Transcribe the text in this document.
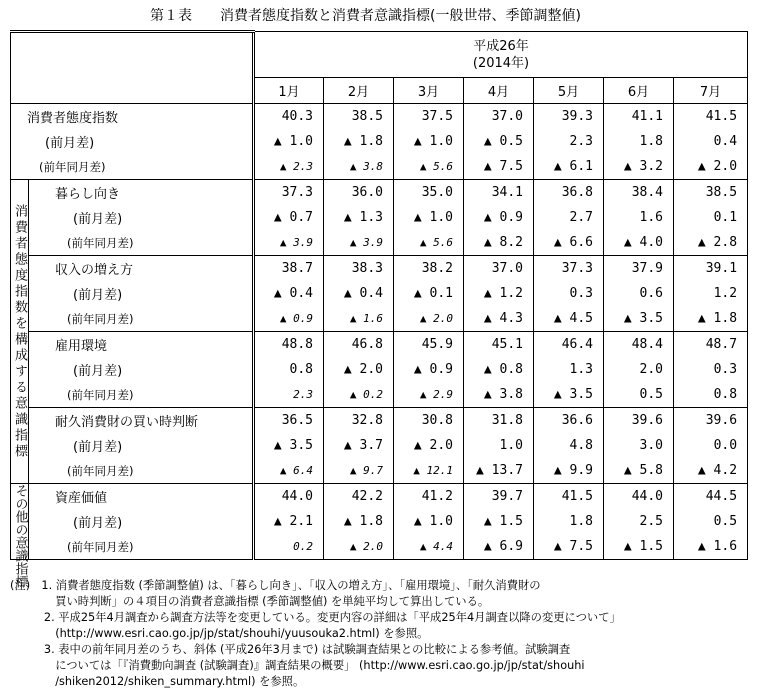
第１表　　消費者態度指数と消費者意識指標(一般世帯、季節調整値)

		平成26年
(2014年)						

		1月	2月	3月	4月	5月	6月	7月
消費者態度指数		40.3	38.5	37.5	37.0	39.3	41.1	41.5
(前月差)		▲ 1.0	▲ 1.8	▲ 1.0	▲ 0.5	2.3	1.8	0.4
(前年同月差)		▲ 2.3	▲ 3.8	▲ 5.6	▲ 7.5	▲ 6.1	▲ 3.2	▲ 2.0
消費者態度指数を構成する意識指標	暮らし向き	37.3	36.0	35.0	34.1	36.8	38.4	38.5
	(前月差)	▲ 0.7	▲ 1.3	▲ 1.0	▲ 0.9	2.7	1.6	0.1
	(前年同月差)	▲ 3.9	▲ 3.9	▲ 5.6	▲ 8.2	▲ 6.6	▲ 4.0	▲ 2.8
	収入の増え方	38.7	38.3	38.2	37.0	37.3	37.9	39.1
	(前月差)	▲ 0.4	▲ 0.4	▲ 0.1	▲ 1.2	0.3	0.6	1.2
	(前年同月差)	▲ 0.9	▲ 1.6	▲ 2.0	▲ 4.3	▲ 4.5	▲ 3.5	▲ 1.8
	雇用環境	48.8	46.8	45.9	45.1	46.4	48.4	48.7
	(前月差)	0.8	▲ 2.0	▲ 0.9	▲ 0.8	1.3	2.0	0.3
	(前年同月差)	2.3	▲ 0.2	▲ 2.9	▲ 3.8	▲ 3.5	0.5	0.8
	耐久消費財の買い時判断	36.5	32.8	30.8	31.8	36.6	39.6	39.6
	(前月差)	▲ 3.5	▲ 3.7	▲ 2.0	1.0	4.8	3.0	0.0
	(前年同月差)	▲ 6.4	▲ 9.7	▲ 12.1	▲ 13.7	▲ 9.9	▲ 5.8	▲ 4.2
その他の意識指標	資産価値	44.0	42.2	41.2	39.7	41.5	44.0	44.5
	(前月差)	▲ 2.1	▲ 1.8	▲ 1.0	▲ 1.5	1.8	2.5	0.5
	(前年同月差)	0.2	▲ 2.0	▲ 4.4	▲ 6.9	▲ 7.5	▲ 1.5	▲ 1.6
(注)　1. 消費者態度指数 (季節調整値) は、「暮らし向き」、「収入の増え方」、「雇用環境」、「耐久消費財の
　　　　買い時判断」の４項目の消費者意識指標 (季節調整値) を単純平均して算出している。
　　　2. 平成25年4月調査から調査方法等を変更している。変更内容の詳細は「平成25年4月調査以降の変更について」
　　　　(http://www.esri.cao.go.jp/jp/stat/shouhi/yuusouka2.html) を参照。
　　　3. 表中の前年同月差のうち、斜体 (平成26年3月まで) は試験調査結果との比較による参考値。試験調査
　　　　については「『消費動向調査 (試験調査)』調査結果の概要」 (http://www.esri.cao.go.jp/jp/stat/shouhi
　　　　/shiken2012/shiken_summary.html) を参照。
